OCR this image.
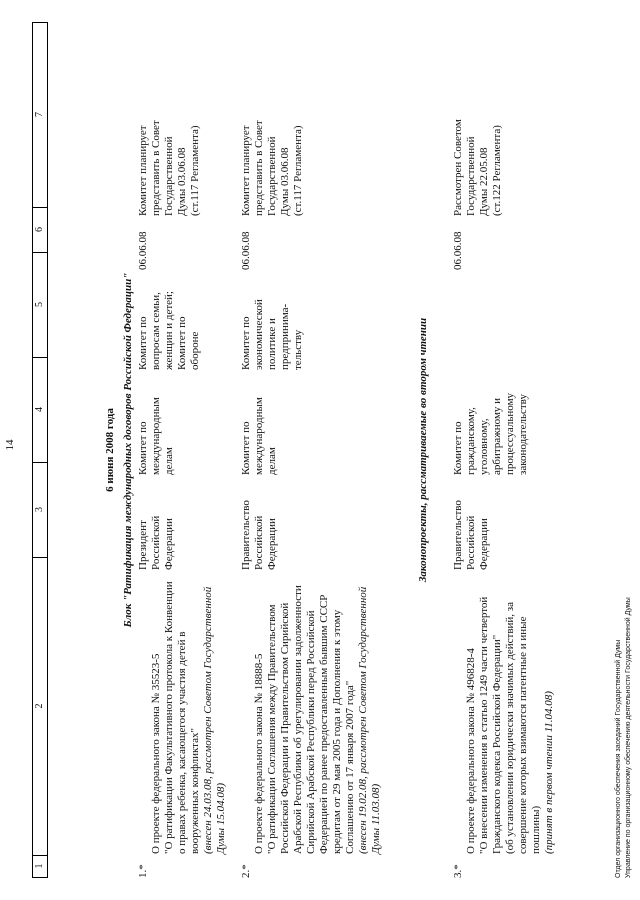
14
1
2
3
4
5
6
7
6 июня 2008 года Блок "Ратификация международных договоров Российской Федерации"
1.*

О проекте федерального закона № 35523-5
"О ратификации Факультативного протокола к Конвенции о правах ребенка, касающегося участия детей в вооруженных конфликтах" (внесен 24.03.08, рассмотрен Советом Государственной Думы 15.04.08)

Президент
Российской
Федерации
Комитет по
международным
делам
Комитет по
вопросам семьи,
женщин и детей;
Комитет по
обороне
06.06.08
Комитет планирует
представить в Совет
Государственной
Думы 03.06.08
(ст.117 Регламента)
2.*

О проекте федерального закона № 18888-5
"О ратификации Соглашения между Правительством Российской Федерации и Правительством Сирийской Арабской Республики об урегулировании задолженности Сирийской Арабской Республики перед Российской Федерацией по ранее предоставленным бывшим СССР кредитам от 29 мая 2005 года и Дополнения к этому Соглашению от 17 января 2007 года" (внесен 19.02.08, рассмотрен Советом Государственной Думы 11.03.08)

Правительство
Российской
Федерации
Комитет по
международным
делам
Комитет по
экономической
политике и
предпринима-
тельству
06.06.08
Комитет планирует
представить в Совет
Государственной
Думы 03.06.08
(ст.117 Регламента)
Законопроекты, рассматриваемые во втором чтении
3.*

О проекте федерального закона № 496828-4
"О внесении изменения в статью 1249 части четвертой Гражданского кодекса Российской Федерации"
(об установлении юридически значимых действий, за совершение которых взимаются патентные и иные пошлины) (принят в первом чтении 11.04.08)

Правительство
Российской
Федерации
Комитет по
гражданскому,
уголовному,
арбитражному и
процессуальному
законодательству
06.06.08
Рассмотрен Советом
Государственной
Думы 22.05.08
(ст.122 Регламента)
Отдел организационного обеспечения заседаний Государственной Думы Управление по организационному обеспечению деятельности Государственной Думы
